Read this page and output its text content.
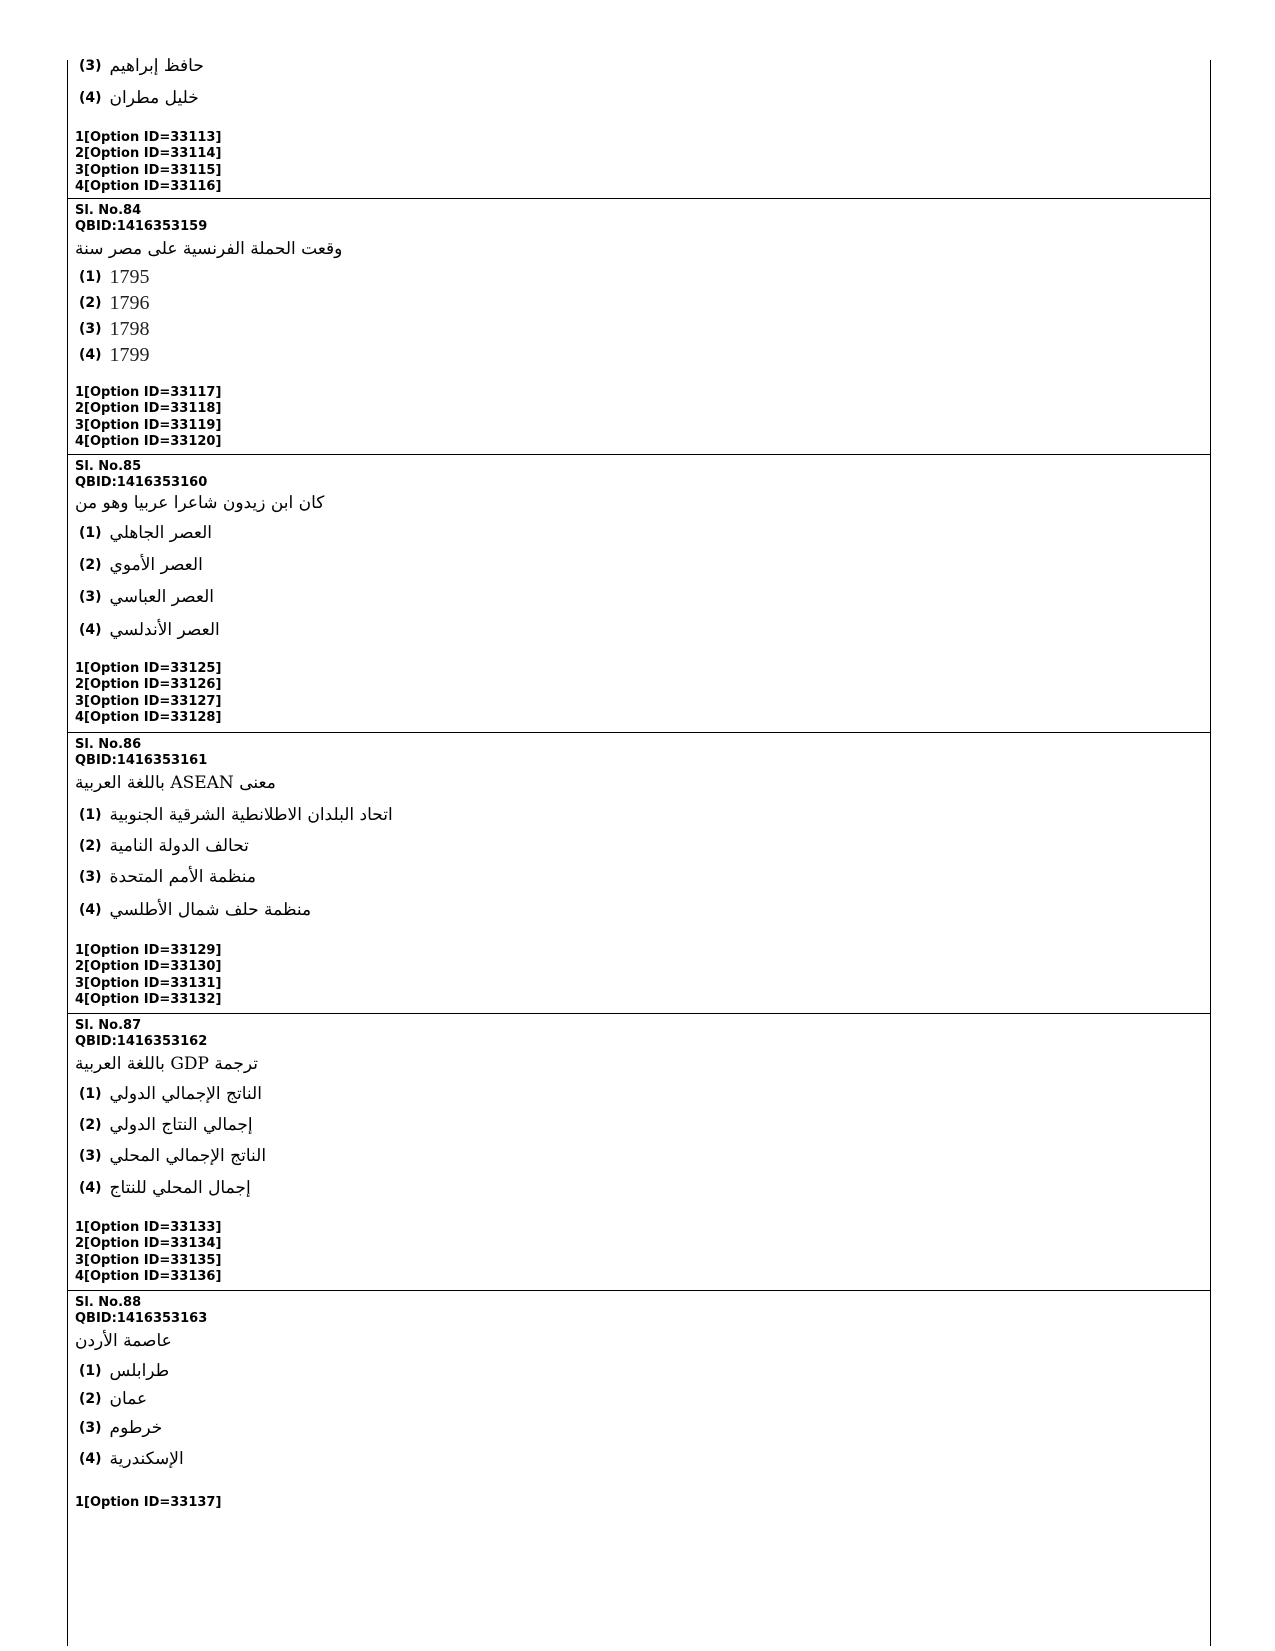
(3) حافظ إبراهيم
(4) خليل مطران
1[Option ID=33113]
2[Option ID=33114]
3[Option ID=33115]
4[Option ID=33116]
Sl. No.84
QBID:1416353159
وقعت الحملة الفرنسية على مصر سنة
(1) 1795
(2) 1796
(3) 1798
(4) 1799
1[Option ID=33117]
2[Option ID=33118]
3[Option ID=33119]
4[Option ID=33120]
Sl. No.85
QBID:1416353160
كان ابن زيدون شاعرا عربيا وهو من
(1) العصر الجاهلي
(2) العصر الأموي
(3) العصر العباسي
(4) العصر الأندلسي
1[Option ID=33125]
2[Option ID=33126]
3[Option ID=33127]
4[Option ID=33128]
Sl. No.86
QBID:1416353161
معنى ASEAN باللغة العربية
(1) اتحاد البلدان الاطلانطية الشرقية الجنوبية
(2) تحالف الدولة النامية
(3) منظمة الأمم المتحدة
(4) منظمة حلف شمال الأطلسي
1[Option ID=33129]
2[Option ID=33130]
3[Option ID=33131]
4[Option ID=33132]
Sl. No.87
QBID:1416353162
ترجمة GDP باللغة العربية
(1) الناتج الإجمالي الدولي
(2) إجمالي النتاج الدولي
(3) الناتج الإجمالي المحلي
(4) إجمال المحلي للنتاج
1[Option ID=33133]
2[Option ID=33134]
3[Option ID=33135]
4[Option ID=33136]
Sl. No.88
QBID:1416353163
عاصمة الأردن
(1) طرابلس
(2) عمان
(3) خرطوم
(4) الإسكندرية
1[Option ID=33137]
